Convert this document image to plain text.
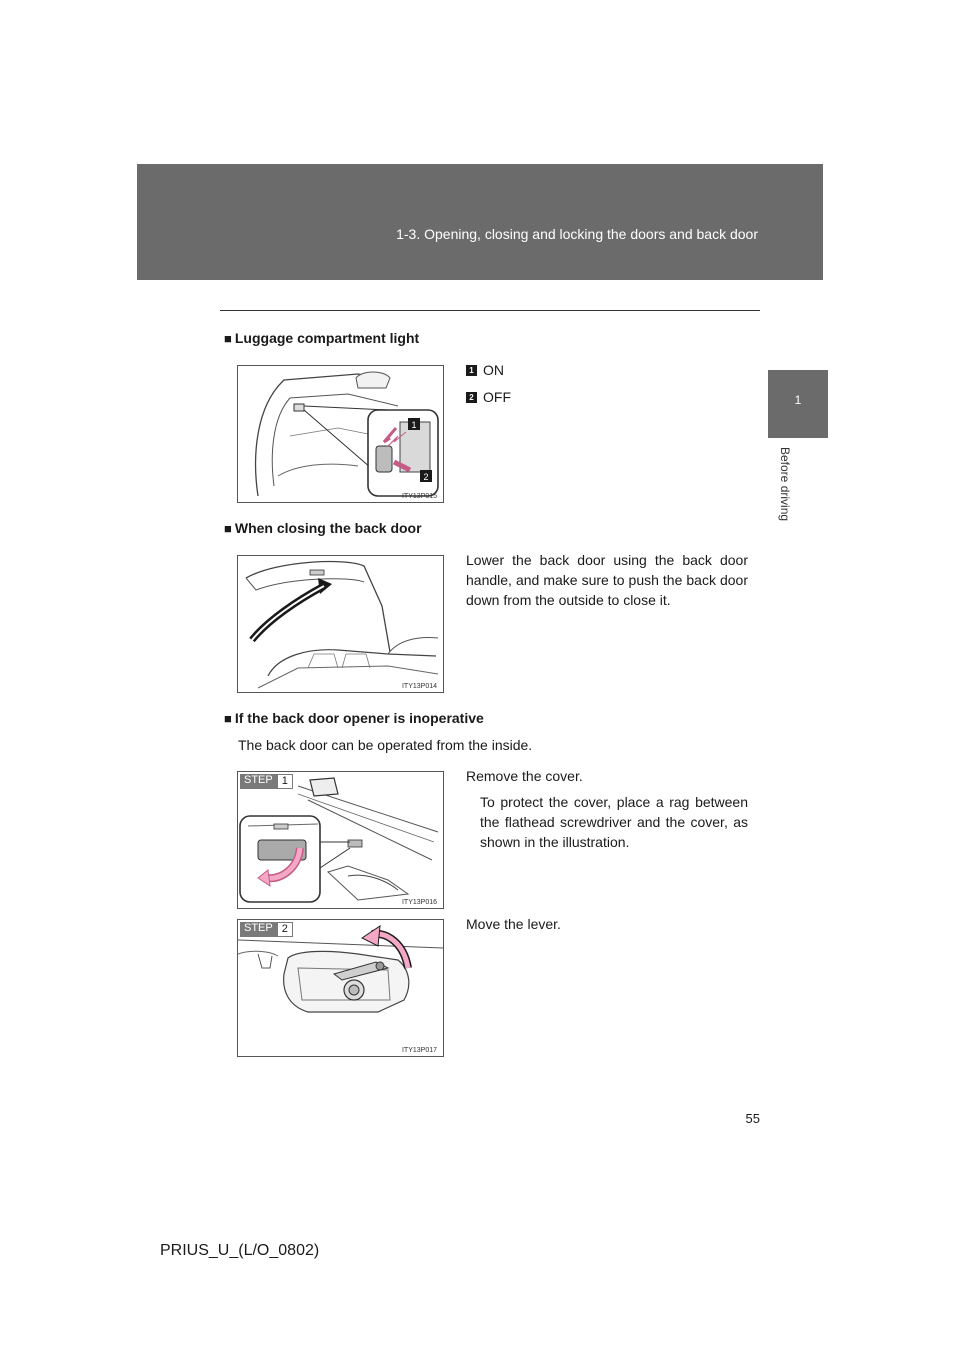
1-3. Opening, closing and locking the doors and back door
1
Before driving
■ Luggage compartment light
1
2
ITY13P015
1 ON
2 OFF
■ When closing the back door
ITY13P014
Lower the back door using the back door handle, and make sure to push the back door down from the outside to close it.
■ If the back door opener is inoperative
The back door can be operated from the inside.
STEP 1
ITY13P016
Remove the cover.
To protect the cover, place a rag between the flathead screwdriver and the cover, as shown in the illustration.
STEP 2
ITY13P017
Move the lever.
55
PRIUS_U_(L/O_0802)
